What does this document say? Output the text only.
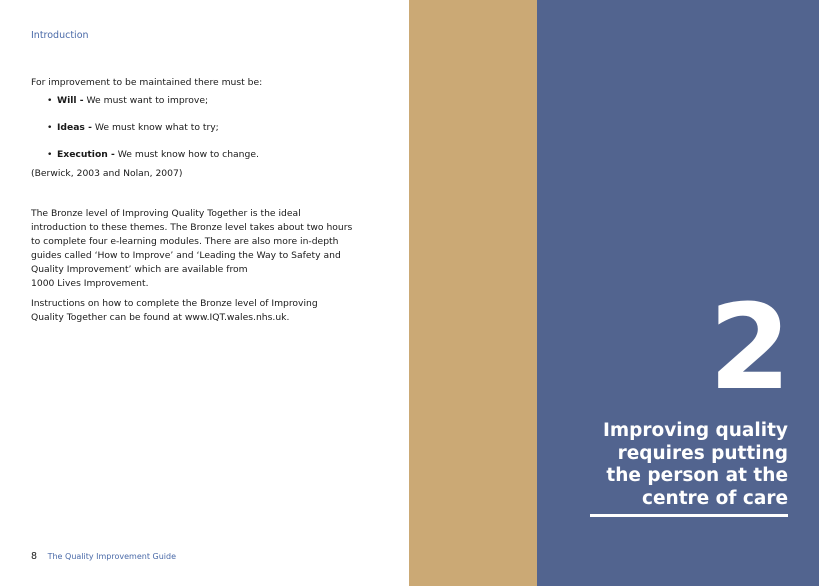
Introduction
For improvement to be maintained there must be:
• Will - We must want to improve;
• Ideas - We must know what to try;
• Execution - We must know how to change.
(Berwick, 2003 and Nolan, 2007)
The Bronze level of Improving Quality Together is the ideal
introduction to these themes. The Bronze level takes about two hours
to complete four e-learning modules. There are also more in-depth
guides called ‘How to Improve’ and ‘Leading the Way to Safety and
Quality Improvement’ which are available from
1000 Lives Improvement.
Instructions on how to complete the Bronze level of Improving
Quality Together can be found at www.IQT.wales.nhs.uk.
8 The Quality Improvement Guide
2
Improving quality
requires putting
the person at the
centre of care
